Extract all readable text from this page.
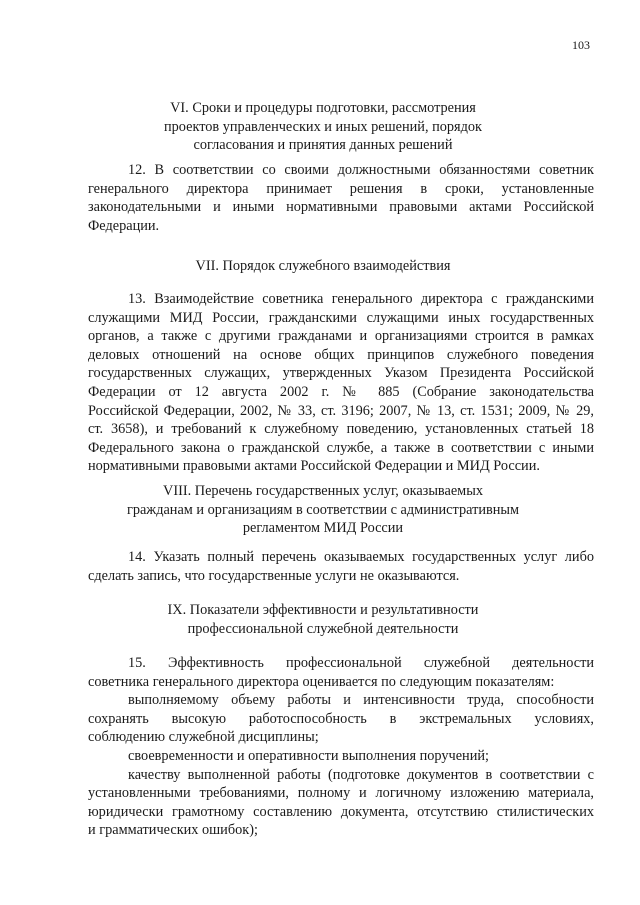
103
VI. Сроки и процедуры подготовки, рассмотрения
проектов управленческих и иных решений, порядок
согласования и принятия данных решений
12. В соответствии со своими должностными обязанностями советник
генерального директора принимает решения в сроки, установленные
законодательными и иными нормативными правовыми актами Российской
Федерации.
VII. Порядок служебного взаимодействия
13. Взаимодействие советника генерального директора с гражданскими
служащими МИД России, гражданскими служащими иных государственных
органов, а также с другими гражданами и организациями строится в рамках
деловых отношений на основе общих принципов служебного поведения
государственных служащих, утвержденных Указом Президента Российской
Федерации от 12 августа 2002 г. № 885 (Собрание законодательства
Российской Федерации, 2002, № 33, ст. 3196; 2007, № 13, ст. 1531; 2009, № 29,
ст. 3658), и требований к служебному поведению, установленных статьей 18
Федерального закона о гражданской службе, а также в соответствии с иными
нормативными правовыми актами Российской Федерации и МИД России.
VIII. Перечень государственных услуг, оказываемых
гражданам и организациям в соответствии с административным
регламентом МИД России
14. Указать полный перечень оказываемых государственных услуг либо
сделать запись, что государственные услуги не оказываются.
IX. Показатели эффективности и результативности
профессиональной служебной деятельности
15. Эффективность профессиональной служебной деятельности
советника генерального директора оценивается по следующим показателям:
выполняемому объему работы и интенсивности труда, способности
сохранять высокую работоспособность в экстремальных условиях,
соблюдению служебной дисциплины;
своевременности и оперативности выполнения поручений;
качеству выполненной работы (подготовке документов в соответствии с
установленными требованиями, полному и логичному изложению материала,
юридически грамотному составлению документа, отсутствию стилистических
и грамматических ошибок);
